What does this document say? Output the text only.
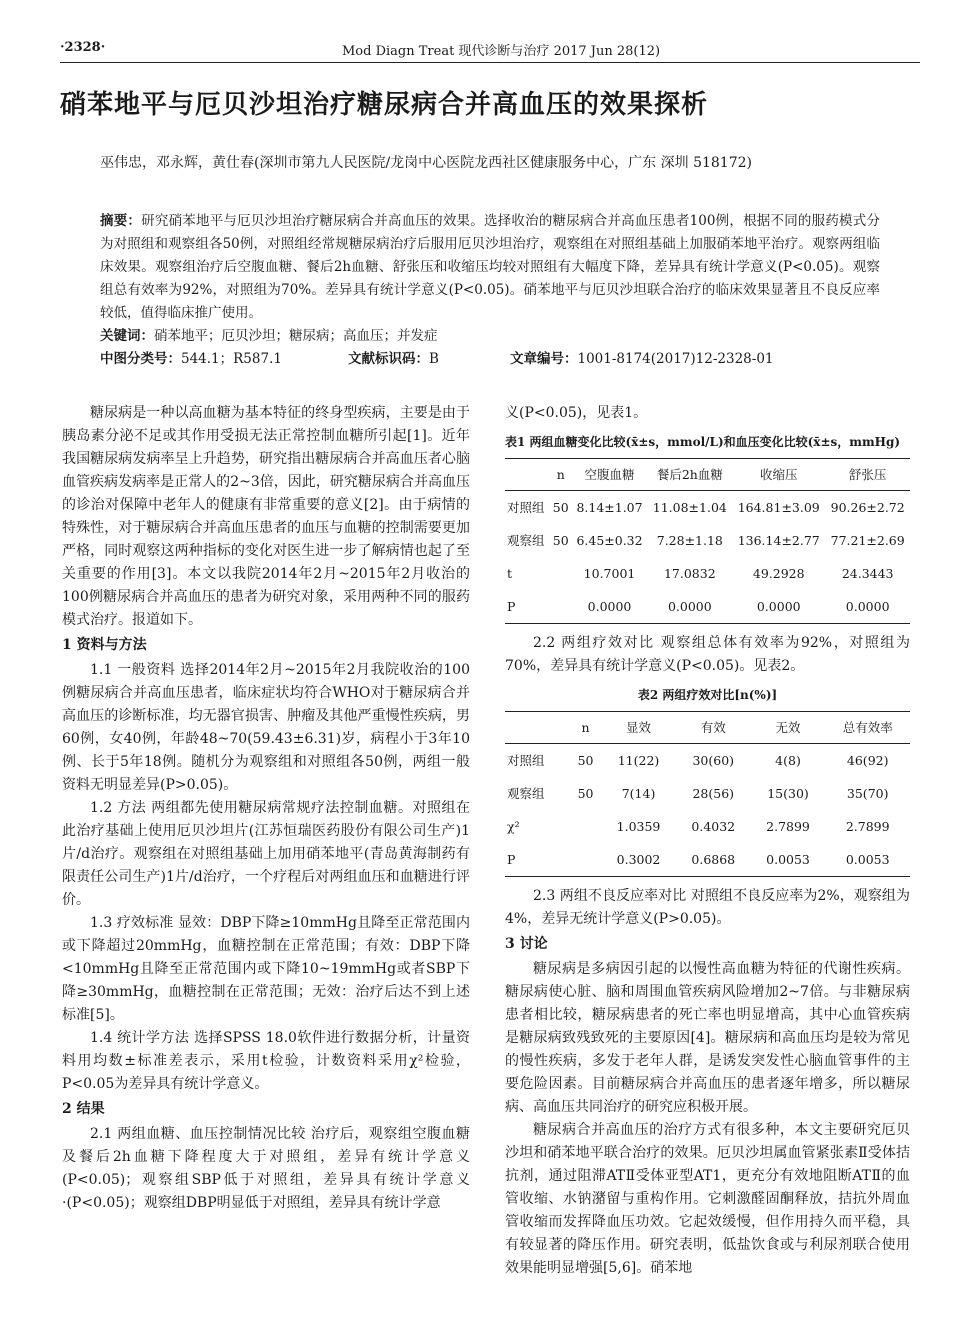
·2328·	Mod Diagn Treat 现代诊断与治疗 2017 Jun 28(12)
硝苯地平与厄贝沙坦治疗糖尿病合并高血压的效果探析
巫伟忠，邓永辉，黄仕春(深圳市第九人民医院/龙岗中心医院龙西社区健康服务中心，广东 深圳 518172)

摘要：研究硝苯地平与厄贝沙坦治疗糖尿病合并高血压的效果。选择收治的糖尿病合并高血压患者100例，根据不同的服药模式分为对照组和观察组各50例，对照组经常规糖尿病治疗后服用厄贝沙坦治疗，观察组在对照组基础上加服硝苯地平治疗。观察两组临床效果。观察组治疗后空腹血糖、餐后2h血糖、舒张压和收缩压均较对照组有大幅度下降，差异具有统计学意义(P<0.05)。观察组总有效率为92%，对照组为70%。差异具有统计学意义(P<0.05)。硝苯地平与厄贝沙坦联合治疗的临床效果显著且不良反应率较低，值得临床推广使用。

关键词：硝苯地平；厄贝沙坦；糖尿病；高血压；并发症

中图分类号：544.1；R587.1	文献标识码：B	文章编号：1001-8174(2017)12-2328-01

糖尿病是一种以高血糖为基本特征的终身型疾病，主要是由于胰岛素分泌不足或其作用受损无法正常控制血糖所引起[1]。近年我国糖尿病发病率呈上升趋势，研究指出糖尿病合并高血压者心脑血管疾病发病率是正常人的2~3倍，因此，研究糖尿病合并高血压的诊治对保障中老年人的健康有非常重要的意义[2]。由于病情的特殊性，对于糖尿病合并高血压患者的血压与血糖的控制需要更加严格，同时观察这两种指标的变化对医生进一步了解病情也起了至关重要的作用[3]。本文以我院2014年2月~2015年2月收治的100例糖尿病合并高血压的患者为研究对象，采用两种不同的服药模式治疗。报道如下。

1 资料与方法

1.1 一般资料 选择2014年2月~2015年2月我院收治的100例糖尿病合并高血压患者，临床症状均符合WHO对于糖尿病合并高血压的诊断标准，均无器官损害、肿瘤及其他严重慢性疾病，男60例，女40例，年龄48~70(59.43±6.31)岁，病程小于3年10例、长于5年18例。随机分为观察组和对照组各50例，两组一般资料无明显差异(P>0.05)。

1.2 方法 两组都先使用糖尿病常规疗法控制血糖。对照组在此治疗基础上使用厄贝沙坦片(江苏恒瑞医药股份有限公司生产)1片/d治疗。观察组在对照组基础上加用硝苯地平(青岛黄海制药有限责任公司生产)1片/d治疗，一个疗程后对两组血压和血糖进行评价。

1.3 疗效标准 显效：DBP下降≥10mmHg且降至正常范围内或下降超过20mmHg，血糖控制在正常范围；有效：DBP下降<10mmHg且降至正常范围内或下降10~19mmHg或者SBP下降≥30mmHg，血糖控制在正常范围；无效：治疗后达不到上述标准[5]。

1.4 统计学方法 选择SPSS 18.0软件进行数据分析，计量资料用均数±标准差表示，采用t检验，计数资料采用χ²检验，P<0.05为差异具有统计学意义。

2 结果

2.1 两组血糖、血压控制情况比较 治疗后，观察组空腹血糖及餐后2h血糖下降程度大于对照组，差异有统计学意义(P<0.05)；观察组SBP低于对照组，差异具有统计学意义·(P<0.05)；观察组DBP明显低于对照组，差异具有统计学意

义(P<0.05)，见表1。

表1 两组血糖变化比较(x̄±s，mmol/L)和血压变化比较(x̄±s，mmHg)
	n	空腹血糖	餐后2h血糖	收缩压	舒张压
对照组	50	8.14±1.07	11.08±1.04	164.81±3.09	90.26±2.72
观察组	50	6.45±0.32	7.28±1.18	136.14±2.77	77.21±2.69
t		10.7001	17.0832	49.2928	24.3443
P		0.0000	0.0000	0.0000	0.0000

2.2 两组疗效对比 观察组总体有效率为92%，对照组为70%，差异具有统计学意义(P<0.05)。见表2。

表2 两组疗效对比[n(%)]
	n	显效	有效	无效	总有效率
对照组	50	11(22)	30(60)	4(8)	46(92)
观察组	50	7(14)	28(56)	15(30)	35(70)
χ²		1.0359	0.4032	2.7899	2.7899
P		0.3002	0.6868	0.0053	0.0053

2.3 两组不良反应率对比 对照组不良反应率为2%，观察组为4%，差异无统计学意义(P>0.05)。

3 讨论

糖尿病是多病因引起的以慢性高血糖为特征的代谢性疾病。糖尿病使心脏、脑和周围血管疾病风险增加2~7倍。与非糖尿病患者相比较，糖尿病患者的死亡率也明显增高，其中心血管疾病是糖尿病致残致死的主要原因[4]。糖尿病和高血压均是较为常见的慢性疾病，多发于老年人群，是诱发突发性心脑血管事件的主要危险因素。目前糖尿病合并高血压的患者逐年增多，所以糖尿病、高血压共同治疗的研究应积极开展。

糖尿病合并高血压的治疗方式有很多种，本文主要研究厄贝沙坦和硝苯地平联合治疗的效果。厄贝沙坦属血管紧张素Ⅱ受体拮抗剂，通过阻滞ATⅡ受体亚型AT1，更充分有效地阻断ATⅡ的血管收缩、水钠潴留与重构作用。它刺激醛固酮释放，拮抗外周血管收缩而发挥降血压功效。它起效缓慢，但作用持久而平稳，具有较显著的降压作用。研究表明，低盐饮食或与利尿剂联合使用效果能明显增强[5,6]。硝苯地
